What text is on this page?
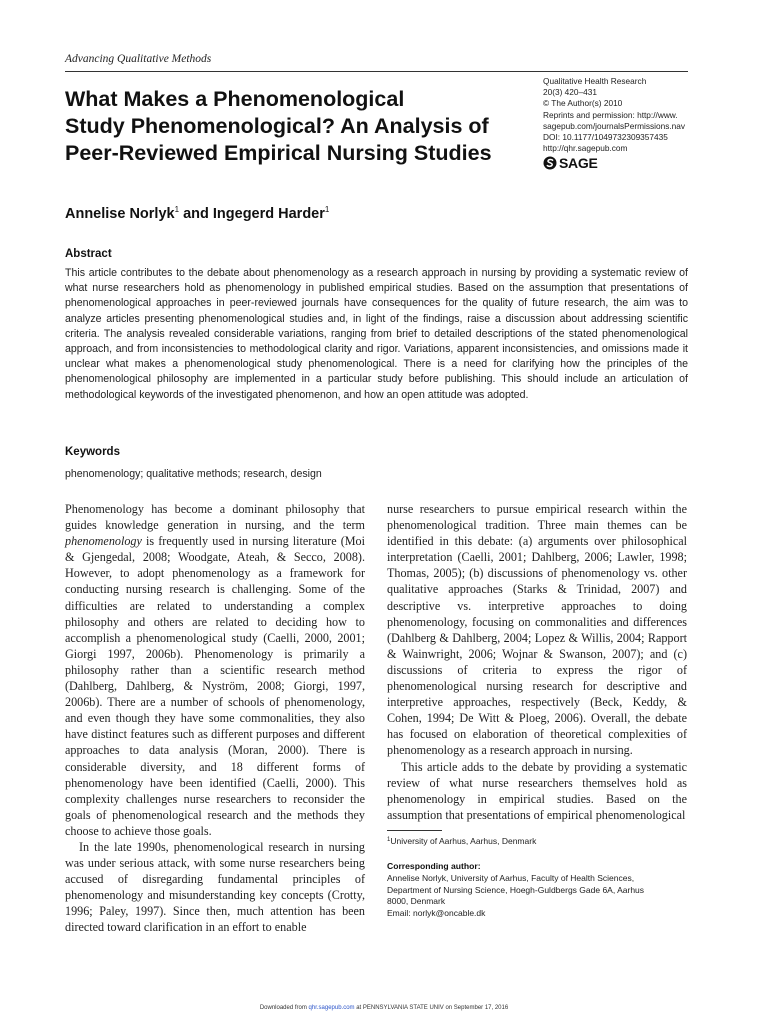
Advancing Qualitative Methods
What Makes a Phenomenological
Study Phenomenological? An Analysis of
Peer-Reviewed Empirical Nursing Studies
Qualitative Health Research
20(3) 420–431
© The Author(s) 2010
Reprints and permission: http://www.
sagepub.com/journalsPermissions.nav
DOI: 10.1177/1049732309357435
http://qhr.sagepub.com
SAGE
Annelise Norlyk$^1$ and Ingegerd Harder$^1$
Abstract
This article contributes to the debate about phenomenology as a research approach in nursing by providing a systematic review of what nurse researchers hold as phenomenology in published empirical studies. Based on the assumption that presentations of phenomenological approaches in peer-reviewed journals have consequences for the quality of future research, the aim was to analyze articles presenting phenomenological studies and, in light of the findings, raise a discussion about addressing scientific criteria. The analysis revealed considerable variations, ranging from brief to detailed descriptions of the stated phenomenological approach, and from inconsistencies to methodological clarity and rigor. Variations, apparent inconsistencies, and omissions made it unclear what makes a phenomenological study phenomenological. There is a need for clarifying how the principles of the phenomenological philosophy are implemented in a particular study before publishing. This should include an articulation of methodological keywords of the investigated phenomenon, and how an open attitude was adopted.
Keywords
phenomenology; qualitative methods; research, design

Phenomenology has become a dominant philosophy that guides knowledge generation in nursing, and the term phenomenology is frequently used in nursing literature (Moi & Gjengedal, 2008; Woodgate, Ateah, & Secco, 2008). However, to adopt phenomenology as a framework for conducting nursing research is challenging. Some of the difficulties are related to understanding a complex philosophy and others are related to deciding how to accomplish a phenomenological study (Caelli, 2000, 2001; Giorgi 1997, 2006b). Phenomenology is primarily a philosophy rather than a scientific research method (Dahlberg, Dahlberg, & Nyström, 2008; Giorgi, 1997, 2006b). There are a number of schools of phenomenology, and even though they have some commonalities, they also have distinct features such as different purposes and different approaches to data analysis (Moran, 2000). There is considerable diversity, and 18 different forms of phenomenology have been identified (Caelli, 2000). This complexity challenges nurse researchers to reconsider the goals of phenomenological research and the methods they choose to achieve those goals.

In the late 1990s, phenomenological research in nursing was under serious attack, with some nurse researchers being accused of disregarding fundamental principles of phenomenology and misunderstanding key concepts (Crotty, 1996; Paley, 1997). Since then, much attention has been directed toward clarification in an effort to enable

nurse researchers to pursue empirical research within the phenomenological tradition. Three main themes can be identified in this debate: (a) arguments over philosophical interpretation (Caelli, 2001; Dahlberg, 2006; Lawler, 1998; Thomas, 2005); (b) discussions of phenomenology vs. other qualitative approaches (Starks & Trinidad, 2007) and descriptive vs. interpretive approaches to doing phenomenology, focusing on commonalities and differences (Dahlberg & Dahlberg, 2004; Lopez & Willis, 2004; Rapport & Wainwright, 2006; Wojnar & Swanson, 2007); and (c) discussions of criteria to express the rigor of phenomenological nursing research for descriptive and interpretive approaches, respectively (Beck, Keddy, & Cohen, 1994; De Witt & Ploeg, 2006). Overall, the debate has focused on elaboration of theoretical complexities of phenomenology as a research approach in nursing.

This article adds to the debate by providing a systematic review of what nurse researchers themselves hold as phenomenology in empirical studies. Based on the assumption that presentations of empirical phenomenological

$^1$University of Aarhus, Aarhus, Denmark
Corresponding author:
Annelise Norlyk, University of Aarhus, Faculty of Health Sciences,
Department of Nursing Science, Hoegh-Guldbergs Gade 6A, Aarhus
8000, Denmark
Email: norlyk@oncable.dk
Downloaded from qhr.sagepub.com at PENNSYLVANIA STATE UNIV on September 17, 2016
